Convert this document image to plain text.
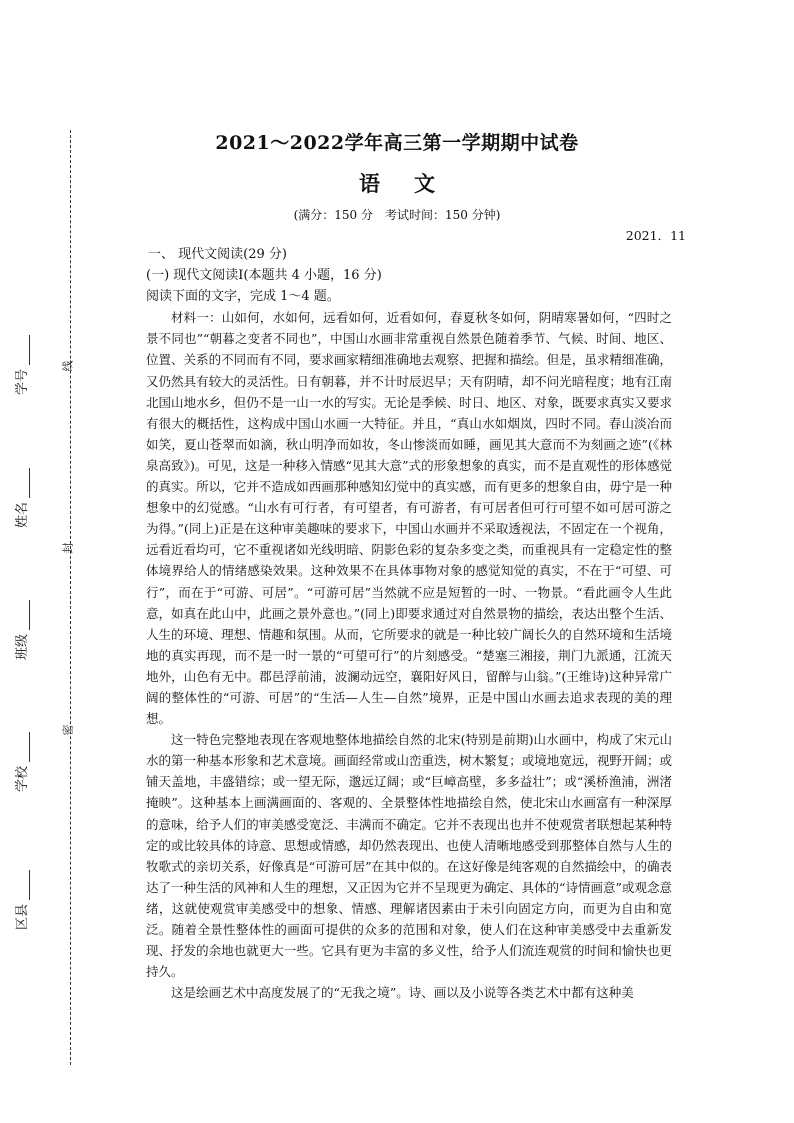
学号
姓名
班级
学校
区县
线
封
密
2021～2022学年高三第一学期期中试卷
语文
(满分：150 分　考试时间：150 分钟)
2021．11

一、 现代文阅读(29 分)

(一) 现代文阅读Ⅰ(本题共 4 小题，16 分)

阅读下面的文字，完成 1～4 题。

材料一：山如何，水如何，远看如何，近看如何，春夏秋冬如何，阴晴寒暑如何，“四时之景不同也”“朝暮之变者不同也”，中国山水画非常重视自然景色随着季节、气候、时间、地区、位置、关系的不同而有不同，要求画家精细准确地去观察、把握和描绘。但是，虽求精细准确，又仍然具有较大的灵活性。日有朝暮，并不计时辰迟早；天有阴晴，却不问光暗程度；地有江南北国山地水乡，但仍不是一山一水的写实。无论是季候、时日、地区、对象，既要求真实又要求有很大的概括性，这构成中国山水画一大特征。并且，“真山水如烟岚，四时不同。春山淡冶而如笑，夏山苍翠而如滴，秋山明净而如妆，冬山惨淡而如睡，画见其大意而不为刻画之迹”(《林泉高致》)。可见，这是一种移入情感“见其大意”式的形象想象的真实，而不是直观性的形体感觉的真实。所以，它并不造成如西画那种感知幻觉中的真实感，而有更多的想象自由，毋宁是一种想象中的幻觉感。“山水有可行者，有可望者，有可游者，有可居者但可行可望不如可居可游之为得。”(同上)正是在这种审美趣味的要求下，中国山水画并不采取透视法，不固定在一个视角，远看近看均可，它不重视诸如光线明暗、阴影色彩的复杂多变之类，而重视具有一定稳定性的整体境界给人的情绪感染效果。这种效果不在具体事物对象的感觉知觉的真实，不在于“可望、可行”，而在于“可游、可居”。“可游可居”当然就不应是短暂的一时、一物景。“看此画令人生此意，如真在此山中，此画之景外意也。”(同上)即要求通过对自然景物的描绘，表达出整个生活、人生的环境、理想、情趣和氛围。从而，它所要求的就是一种比较广阔长久的自然环境和生活境地的真实再现，而不是一时一景的“可望可行”的片刻感受。“楚塞三湘接，荆门九派通，江流天地外，山色有无中。郡邑浮前浦，波澜动远空，襄阳好风日，留醉与山翁。”(王维诗)这种异常广阔的整体性的“可游、可居”的“生活—人生—自然”境界，正是中国山水画去追求表现的美的理想。

这一特色完整地表现在客观地整体地描绘自然的北宋(特别是前期)山水画中，构成了宋元山水的第一种基本形象和艺术意境。画面经常或山峦重迭，树木繁复；或境地宽远，视野开阔；或铺天盖地，丰盛错综；或一望无际，邈远辽阔；或“巨嶂高壁，多多益壮”；或“溪桥渔浦，洲渚掩映”。这种基本上画满画面的、客观的、全景整体性地描绘自然，使北宋山水画富有一种深厚的意味，给予人们的审美感受宽泛、丰满而不确定。它并不表现出也并不使观赏者联想起某种特定的或比较具体的诗意、思想或情感，却仍然表现出、也使人清晰地感受到那整体自然与人生的牧歌式的亲切关系，好像真是“可游可居”在其中似的。在这好像是纯客观的自然描绘中，的确表达了一种生活的风神和人生的理想，又正因为它并不呈现更为确定、具体的“诗情画意”或观念意绪，这就使观赏审美感受中的想象、情感、理解诸因素由于未引向固定方向，而更为自由和宽泛。随着全景性整体性的画面可提供的众多的范围和对象，使人们在这种审美感受中去重新发现、抒发的余地也就更大一些。它具有更为丰富的多义性，给予人们流连观赏的时间和愉快也更持久。

这是绘画艺术中高度发展了的“无我之境”。诗、画以及小说等各类艺术中都有这种美
